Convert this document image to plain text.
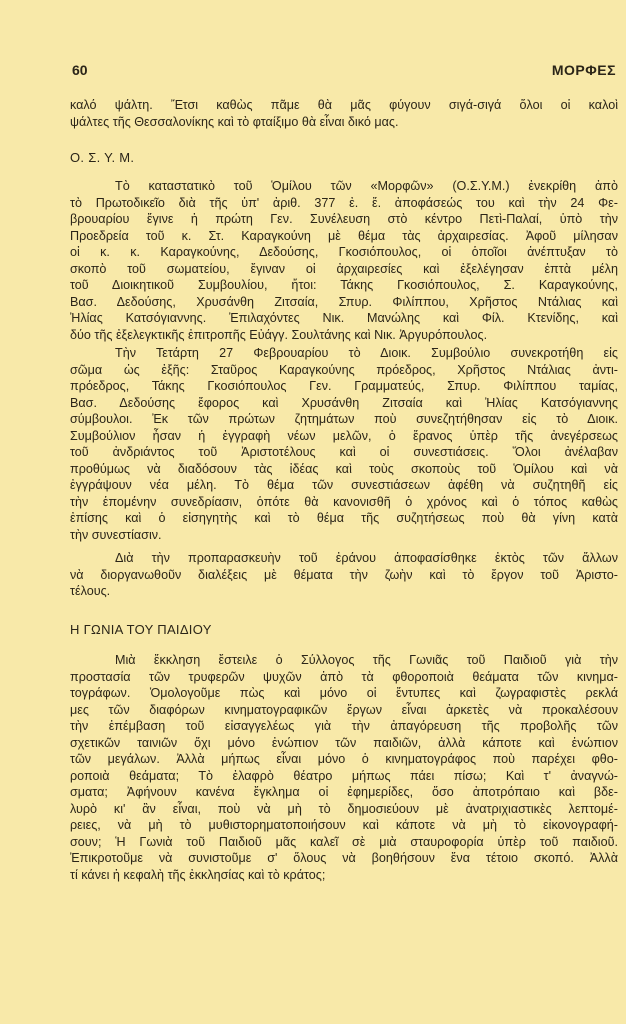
60	ΜΟΡΦΕΣ
καλό ψάλτη. Ἔτσι καθὼς πᾶμε θὰ μᾶς φύγουν σιγά-σιγά ὅλοι οἱ καλοὶ
ψάλτες τῆς Θεσσαλονίκης καὶ τὸ φταίξιμο θὰ εἶναι δικό μας.
Ο. Σ. Υ. Μ.
Τὸ καταστατικὸ τοῦ Ὁμίλου τῶν «Μορφῶν» (Ο.Σ.Υ.Μ.) ἐνεκρίθη ἀπὸ
τὸ Πρωτοδικεῖο διὰ τῆς ὑπ' ἀριθ. 377 ἐ. ἔ. ἀποφάσεώς του καὶ τὴν 24 Φε-
βρουαρίου ἔγινε ἡ πρώτη Γεν. Συνέλευση στὸ κέντρο Πετὶ-Παλαί, ὑπὸ τὴν
Προεδρεία τοῦ κ. Στ. Καραγκούνη μὲ θέμα τὰς ἀρχαιρεσίας. Ἀφοῦ μίλησαν
οἱ κ. κ. Καραγκούνης, Δεδούσης, Γκοσιόπουλος, οἱ ὁποῖοι ἀνέπτυξαν τὸ
σκοπὸ τοῦ σωματείου, ἔγιναν οἱ ἀρχαιρεσίες καὶ ἐξελέγησαν ἑπτὰ μέλη
τοῦ Διοικητικοῦ Συμβουλίου, ἤτοι: Τάκης Γκοσιόπουλος, Σ. Καραγκούνης,
Βασ. Δεδούσης, Χρυσάνθη Ζιτσαία, Σπυρ. Φιλίππου, Χρῆστος Ντάλιας καὶ
Ἠλίας Κατσόγιαννης. Ἐπιλαχόντες Νικ. Μανώλης καὶ Φίλ. Κτενίδης, καὶ
δύο τῆς ἐξελεγκτικῆς ἐπιτροπῆς Εὐάγγ. Σουλτάνης καὶ Νικ. Ἀργυρόπουλος.
Τὴν Τετάρτη 27 Φεβρουαρίου τὸ Διοικ. Συμβούλιο συνεκροτήθη εἰς
σῶμα ὡς ἑξῆς: Σταῦρος Καραγκούνης πρόεδρος, Χρῆστος Ντάλιας ἀντι-
πρόεδρος, Τάκης Γκοσιόπουλος Γεν. Γραμματεύς, Σπυρ. Φιλίππου ταμίας,
Βασ. Δεδούσης ἔφορος καὶ Χρυσάνθη Ζιτσαία καὶ Ἠλίας Κατσόγιαννης
σύμβουλοι. Ἐκ τῶν πρώτων ζητημάτων ποὺ συνεζητήθησαν εἰς τὸ Διοικ.
Συμβούλιον ἦσαν ἡ ἐγγραφὴ νέων μελῶν, ὁ ἔρανος ὑπὲρ τῆς ἀνεγέρσεως
τοῦ ἀνδριάντος τοῦ Ἀριστοτέλους καὶ οἱ συνεστιάσεις. Ὅλοι ἀνέλαβαν
προθύμως νὰ διαδόσουν τὰς ἰδέας καὶ τοὺς σκοποὺς τοῦ Ὁμίλου καὶ νὰ
ἐγγράψουν νέα μέλη. Τὸ θέμα τῶν συνεστιάσεων ἀφέθη νὰ συζητηθῆ εἰς
τὴν ἑπομένην συνεδρίασιν, ὁπότε θὰ κανονισθῆ ὁ χρόνος καὶ ὁ τόπος καθὼς
ἐπίσης καὶ ὁ εἰσηγητὴς καὶ τὸ θέμα τῆς συζητήσεως ποὺ θὰ γίνη κατὰ
τὴν συνεστίασιν.
Διὰ τὴν προπαρασκευὴν τοῦ ἐράνου ἀποφασίσθηκε ἐκτὸς τῶν ἄλλων
νὰ διοργανωθοῦν διαλέξεις μὲ θέματα τὴν ζωὴν καὶ τὸ ἔργον τοῦ Ἀριστο-
τέλους.
Η ΓΩΝΙΑ ΤΟΥ ΠΑΙΔΙΟΥ
Μιὰ ἔκκληση ἔστειλε ὁ Σύλλογος τῆς Γωνιᾶς τοῦ Παιδιοῦ γιὰ τὴν
προστασία τῶν τρυφερῶν ψυχῶν ἀπὸ τὰ φθοροποιὰ θεάματα τῶν κινημα-
τογράφων. Ὁμολογοῦμε πὼς καὶ μόνο οἱ ἔντυπες καὶ ζωγραφιστὲς ρεκλά
μες τῶν διαφόρων κινηματογραφικῶν ἔργων εἶναι ἀρκετὲς νὰ προκαλέσουν
τὴν ἐπέμβαση τοῦ εἰσαγγελέως γιὰ τὴν ἀπαγόρευση τῆς προβολῆς τῶν
σχετικῶν ταινιῶν ὄχι μόνο ἐνώπιον τῶν παιδιῶν, ἀλλὰ κάποτε καὶ ἐνώπιον
τῶν μεγάλων. Ἀλλὰ μήπως εἶναι μόνο ὁ κινηματογράφος ποὺ παρέχει φθο-
ροποιὰ θεάματα; Τὸ ἐλαφρὸ θέατρο μήπως πάει πίσω; Καὶ τ' ἀναγνώ-
σματα; Ἀφήνουν κανένα ἔγκλημα οἱ ἐφημερίδες, ὅσο ἀποτρόπαιο καὶ βδε-
λυρὸ κι' ἂν εἶναι, ποὺ νὰ μὴ τὸ δημοσιεύουν μὲ ἀνατριχιαστικὲς λεπτομέ-
ρειες, νὰ μὴ τὸ μυθιστορηματοποιήσουν καὶ κάποτε νὰ μὴ τὸ εἰκονογραφή-
σουν; Ἡ Γωνιὰ τοῦ Παιδιοῦ μᾶς καλεῖ σὲ μιὰ σταυροφορία ὑπὲρ τοῦ παιδιοῦ.
Ἐπικροτοῦμε νὰ συνιστοῦμε σ' ὅλους νὰ βοηθήσουν ἕνα τέτοιο σκοπό. Ἀλλὰ
τί κάνει ἡ κεφαλὴ τῆς ἐκκλησίας καὶ τὸ κράτος;
